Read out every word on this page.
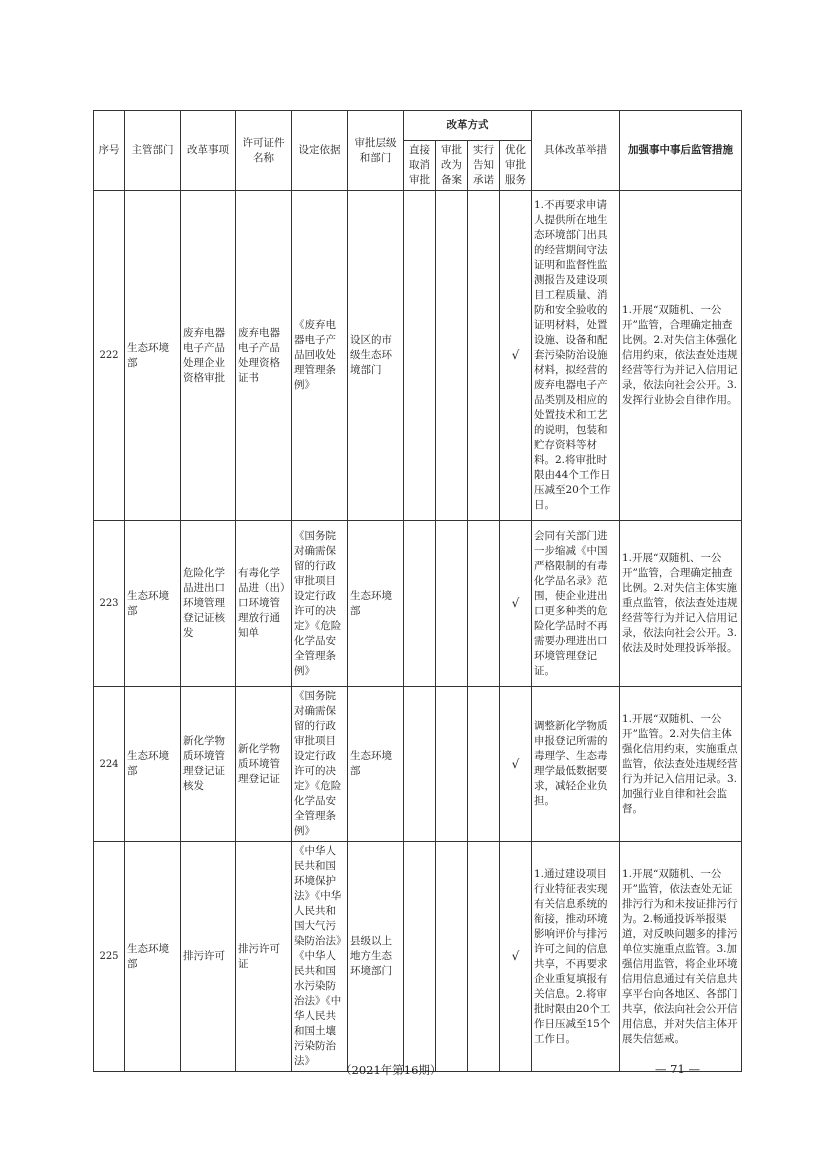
序号	主管部门	改革事项	许可证件名称	设定依据	审批层级和部门	改革方式				具体改革举措	加强事中事后监管措施
						直接取消审批	审批改为备案	实行告知承诺	优化审批服务		
222	生态环境部	废弃电器电子产品处理企业资格审批	废弃电器电子产品处理资格证书	《废弃电器电子产品回收处理管理条例》	设区的市级生态环境部门				√	1.不再要求申请人提供所在地生态环境部门出具的经营期间守法证明和监督性监测报告及建设项目工程质量、消防和安全验收的证明材料，处置设施、设备和配套污染防治设施材料，拟经营的废弃电器电子产品类别及相应的处置技术和工艺的说明，包装和贮存资料等材料。2.将审批时限由44个工作日压减至20个工作日。	1.开展“双随机、一公开”监管，合理确定抽查比例。2.对失信主体强化信用约束，依法查处违规经营等行为并记入信用记录，依法向社会公开。3.发挥行业协会自律作用。
223	生态环境部	危险化学品进出口环境管理登记证核发	有毒化学品进（出）口环境管理放行通知单	《国务院对确需保留的行政审批项目设定行政许可的决定》《危险化学品安全管理条例》	生态环境部				√	会同有关部门进一步缩减《中国严格限制的有毒化学品名录》范围，使企业进出口更多种类的危险化学品时不再需要办理进出口环境管理登记证。	1.开展“双随机、一公开”监管，合理确定抽查比例。2.对失信主体实施重点监管，依法查处违规经营等行为并记入信用记录，依法向社会公开。3.依法及时处理投诉举报。
224	生态环境部	新化学物质环境管理登记证核发	新化学物质环境管理登记证	《国务院对确需保留的行政审批项目设定行政许可的决定》《危险化学品安全管理条例》	生态环境部				√	调整新化学物质申报登记所需的毒理学、生态毒理学最低数据要求，减轻企业负担。	1.开展“双随机、一公开”监管。2.对失信主体强化信用约束，实施重点监管，依法查处违规经营行为并记入信用记录。3.加强行业自律和社会监督。
225	生态环境部	排污许可	排污许可证	《中华人民共和国环境保护法》《中华人民共和国大气污染防治法》《中华人民共和国水污染防治法》《中华人民共和国土壤污染防治法》	县级以上地方生态环境部门				√	1.通过建设项目行业特征表实现有关信息系统的衔接，推动环境影响评价与排污许可之间的信息共享，不再要求企业重复填报有关信息。2.将审批时限由20个工作日压减至15个工作日。	1.开展“双随机、一公开”监管，依法查处无证排污行为和未按证排污行为。2.畅通投诉举报渠道，对反映问题多的排污单位实施重点监管。3.加强信用监管，将企业环境信用信息通过有关信息共享平台向各地区、各部门共享，依法向社会公开信用信息，并对失信主体开展失信惩戒。
（2021年第16期）	— 71 —
